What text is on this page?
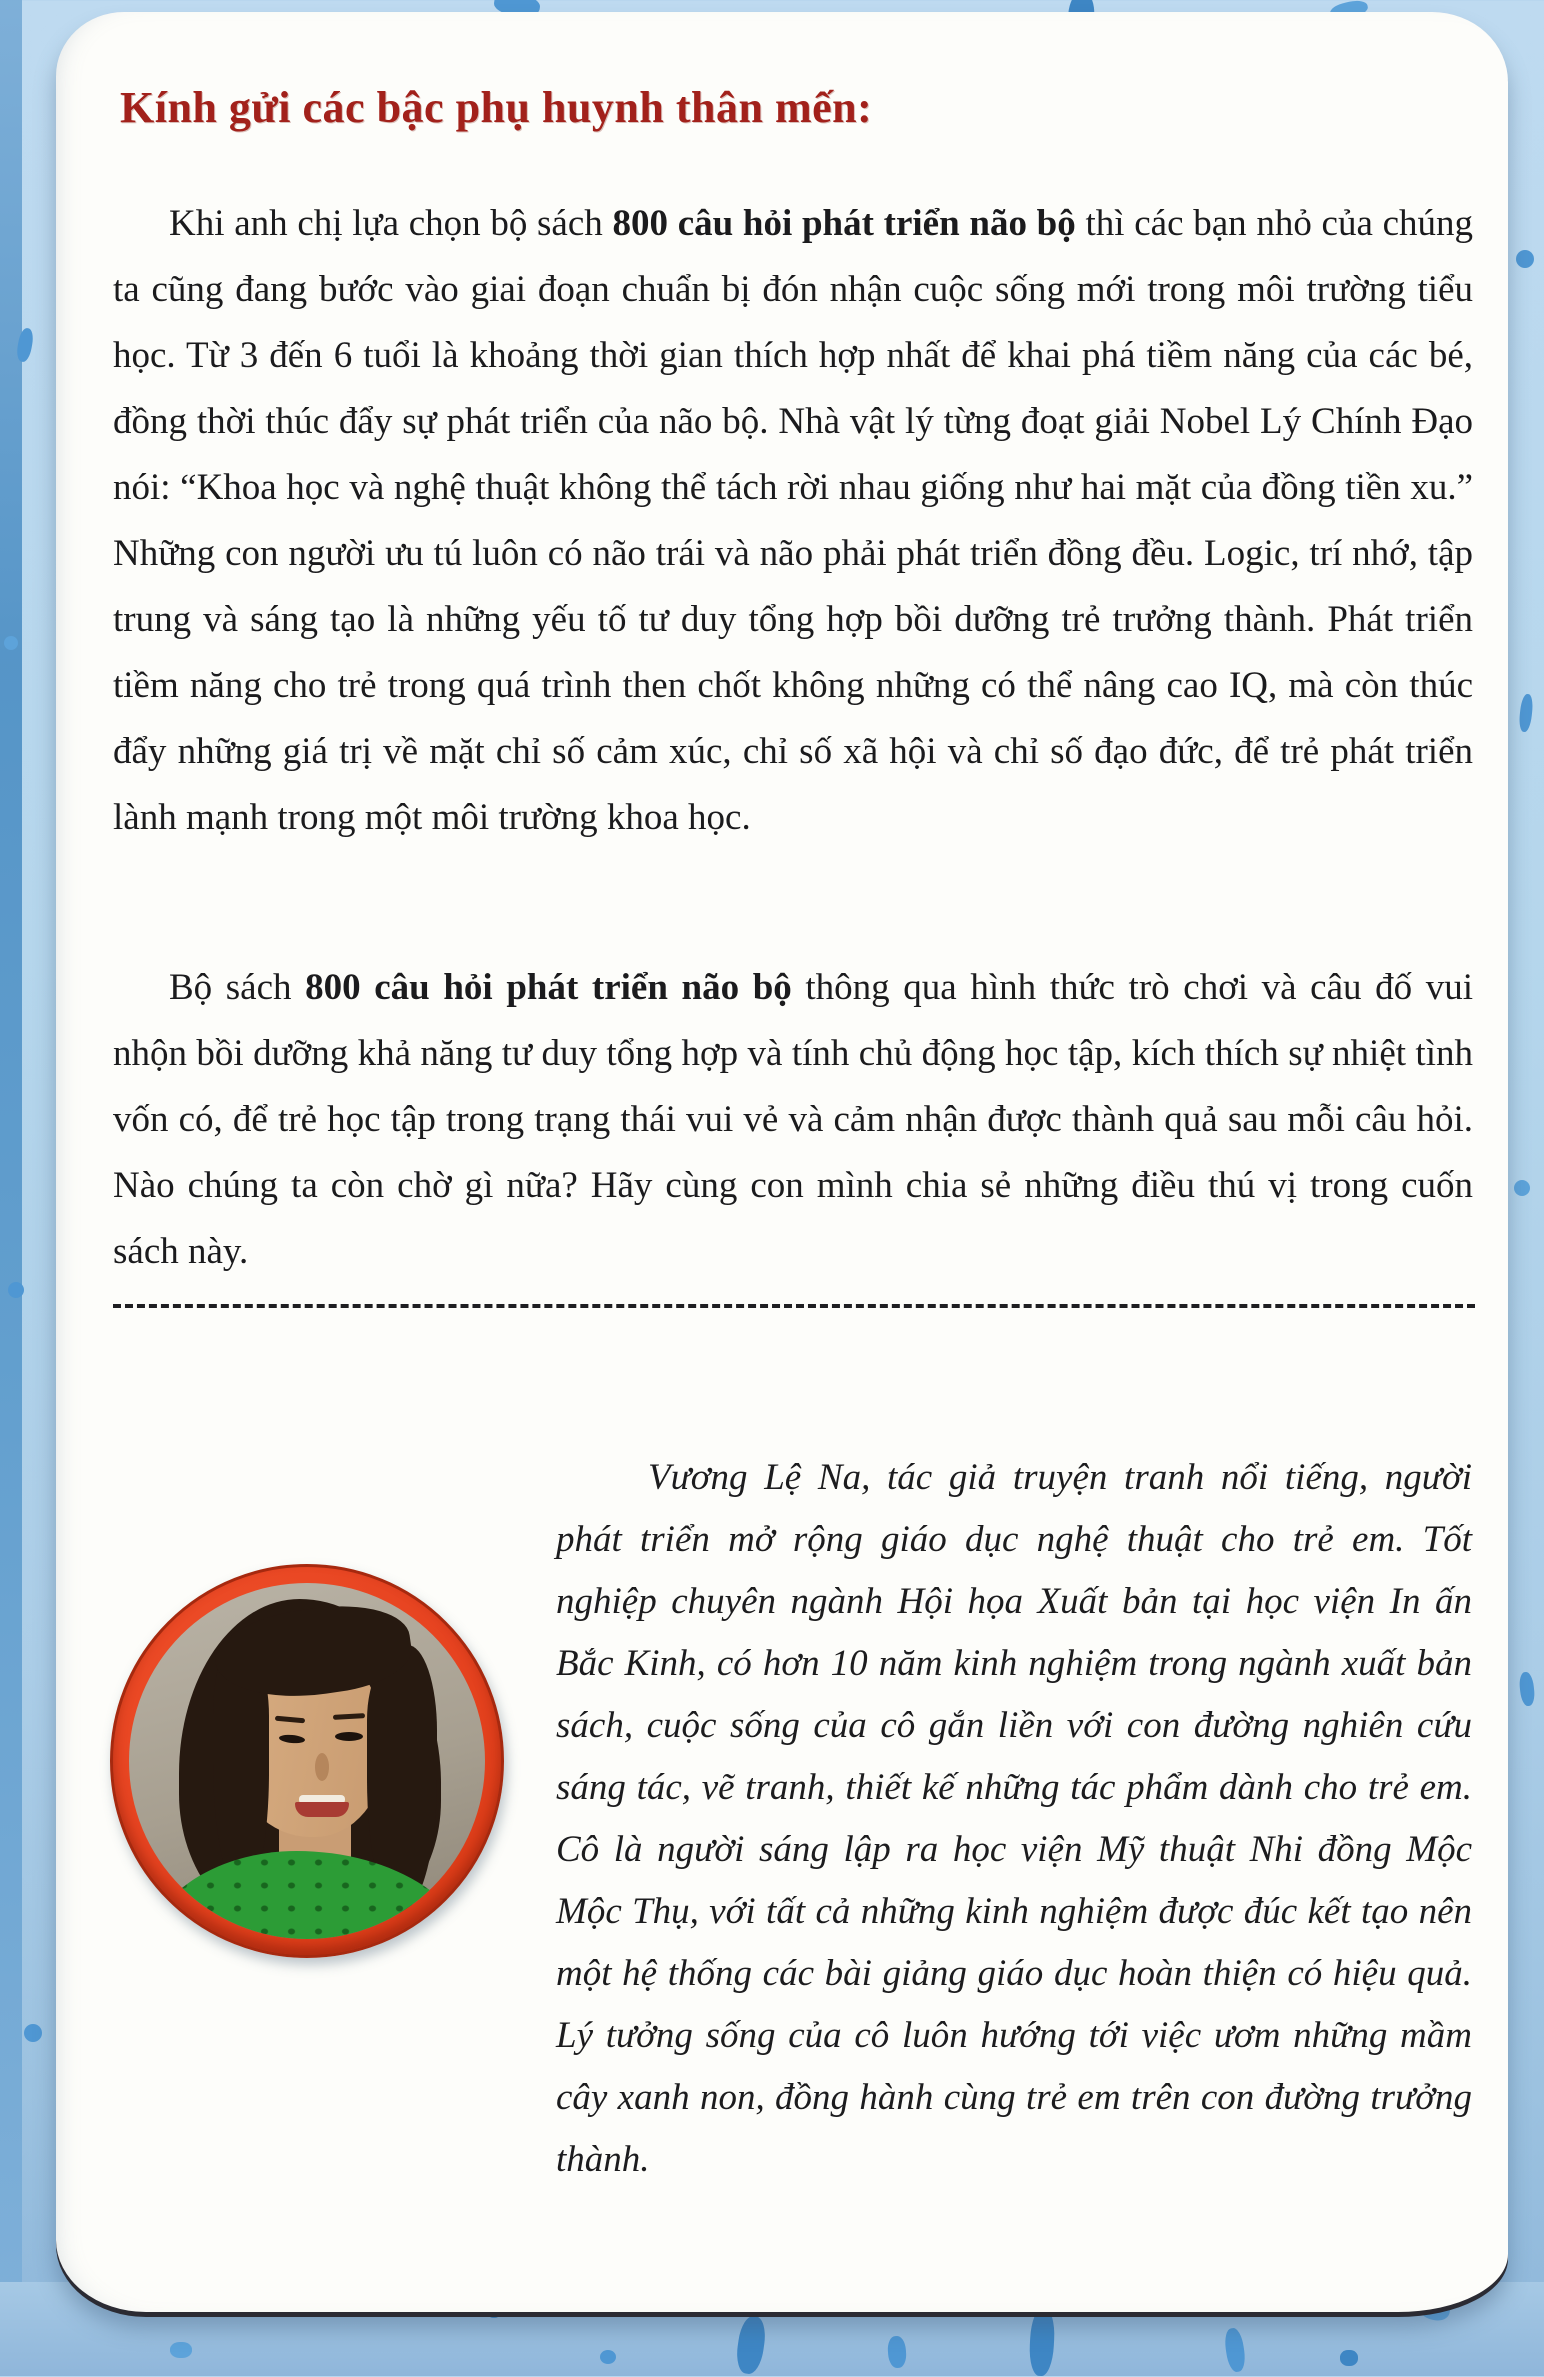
Kính gửi các bậc phụ huynh thân mến:

Khi anh chị lựa chọn bộ sách 800 câu hỏi phát triển não bộ thì các bạn nhỏ của chúng ta cũng đang bước vào giai đoạn chuẩn bị đón nhận cuộc sống mới trong môi trường tiểu học. Từ 3 đến 6 tuổi là khoảng thời gian thích hợp nhất để khai phá tiềm năng của các bé, đồng thời thúc đẩy sự phát triển của não bộ. Nhà vật lý từng đoạt giải Nobel Lý Chính Đạo nói: “Khoa học và nghệ thuật không thể tách rời nhau giống như hai mặt của đồng tiền xu.” Những con người ưu tú luôn có não trái và não phải phát triển đồng đều. Logic, trí nhớ, tập trung và sáng tạo là những yếu tố tư duy tổng hợp bồi dưỡng trẻ trưởng thành. Phát triển tiềm năng cho trẻ trong quá trình then chốt không những có thể nâng cao IQ, mà còn thúc đẩy những giá trị về mặt chỉ số cảm xúc, chỉ số xã hội và chỉ số đạo đức, để trẻ phát triển lành mạnh trong một môi trường khoa học.

Bộ sách 800 câu hỏi phát triển não bộ thông qua hình thức trò chơi và câu đố vui nhộn bồi dưỡng khả năng tư duy tổng hợp và tính chủ động học tập, kích thích sự nhiệt tình vốn có, để trẻ học tập trong trạng thái vui vẻ và cảm nhận được thành quả sau mỗi câu hỏi. Nào chúng ta còn chờ gì nữa? Hãy cùng con mình chia sẻ những điều thú vị trong cuốn sách này.

Vương Lệ Na, tác giả truyện tranh nổi tiếng, người phát triển mở rộng giáo dục nghệ thuật cho trẻ em. Tốt nghiệp chuyên ngành Hội họa Xuất bản tại học viện In ấn Bắc Kinh, có hơn 10 năm kinh nghiệm trong ngành xuất bản sách, cuộc sống của cô gắn liền với con đường nghiên cứu sáng tác, vẽ tranh, thiết kế những tác phẩm dành cho trẻ em. Cô là người sáng lập ra học viện Mỹ thuật Nhi đồng Mộc Mộc Thụ, với tất cả những kinh nghiệm được đúc kết tạo nên một hệ thống các bài giảng giáo dục hoàn thiện có hiệu quả. Lý tưởng sống của cô luôn hướng tới việc ươm những mầm cây xanh non, đồng hành cùng trẻ em trên con đường trưởng thành.
